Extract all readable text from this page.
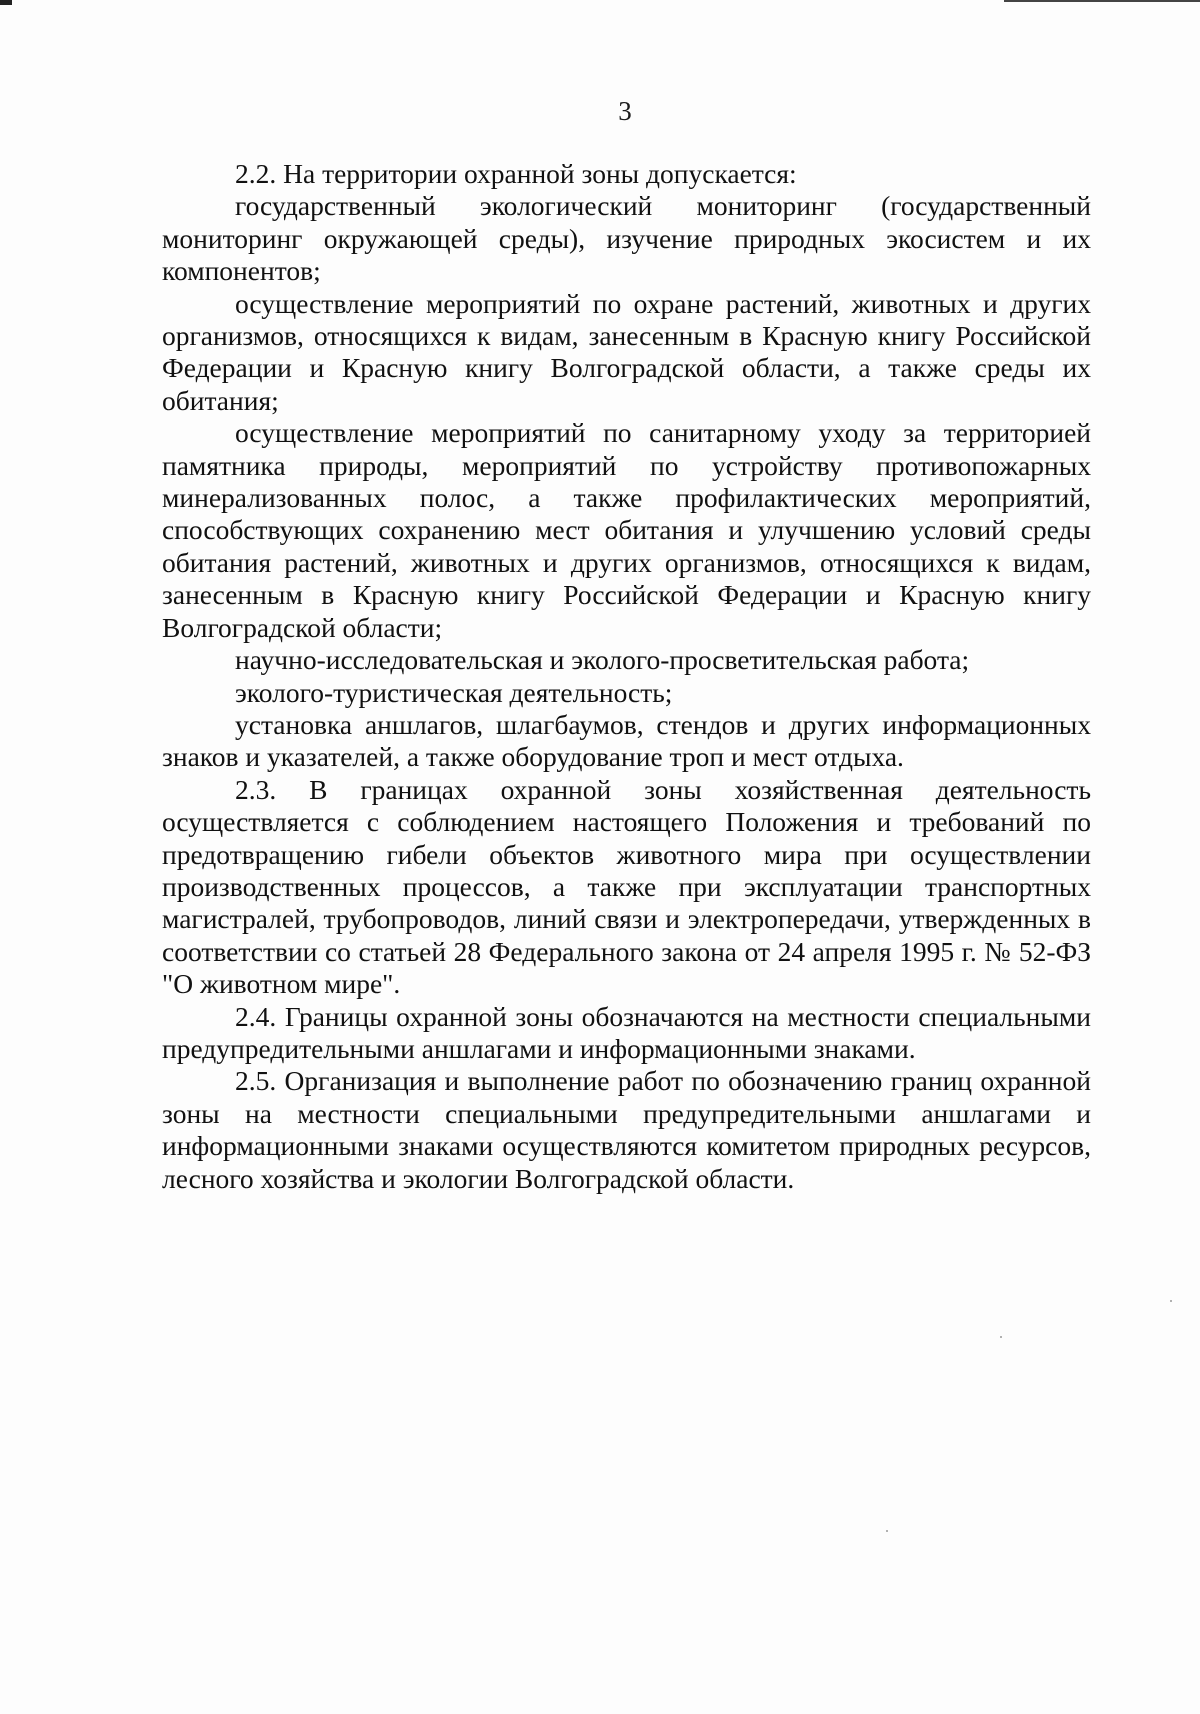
3

2.2. На территории охранной зоны допускается:

государственный экологический мониторинг (государственный мониторинг окружающей среды), изучение природных экосистем и их компонентов;

осуществление мероприятий по охране растений, животных и других организмов, относящихся к видам, занесенным в Красную книгу Российской Федерации и Красную книгу Волгоградской области, а также среды их обитания;

осуществление мероприятий по санитарному уходу за территорией памятника природы, мероприятий по устройству противопожарных минерализованных полос, а также профилактических мероприятий, способствующих сохранению мест обитания и улучшению условий среды обитания растений, животных и других организмов, относящихся к видам, занесенным в Красную книгу Российской Федерации и Красную книгу Волгоградской области;

научно-исследовательская и эколого-просветительская работа;

эколого-туристическая деятельность;

установка аншлагов, шлагбаумов, стендов и других информационных знаков и указателей, а также оборудование троп и мест отдыха.

2.3. В границах охранной зоны хозяйственная деятельность осуществляется с соблюдением настоящего Положения и требований по предотвращению гибели объектов животного мира при осуществлении производственных процессов, а также при эксплуатации транспортных магистралей, трубопроводов, линий связи и электропередачи, утвержденных в соответствии со статьей 28 Федерального закона от 24 апреля 1995 г. № 52-ФЗ "О животном мире".

2.4. Границы охранной зоны обозначаются на местности специальными предупредительными аншлагами и информационными знаками.

2.5. Организация и выполнение работ по обозначению границ охранной зоны на местности специальными предупредительными аншлагами и информационными знаками осуществляются комитетом природных ресурсов, лесного хозяйства и экологии Волгоградской области.
